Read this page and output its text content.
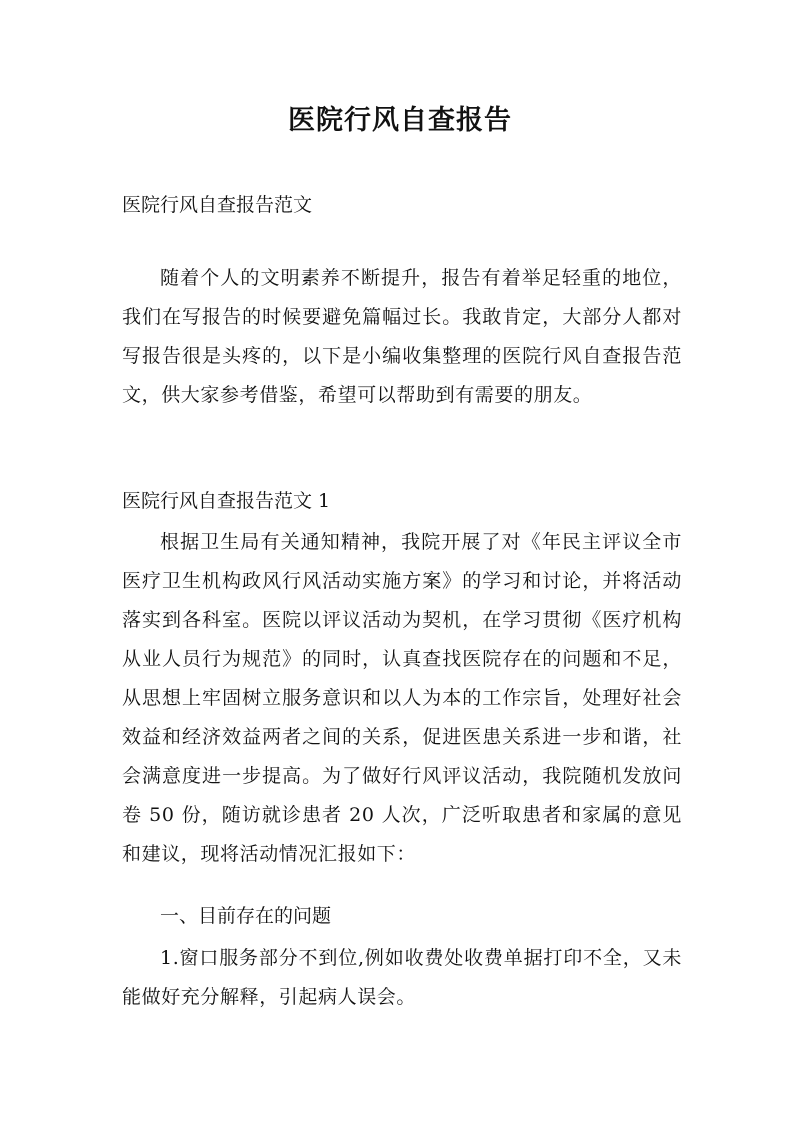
医院行风自查报告

医院行风自查报告范文

随着个人的文明素养不断提升，报告有着举足轻重的地位，我们在写报告的时候要避免篇幅过长。我敢肯定，大部分人都对写报告很是头疼的，以下是小编收集整理的医院行风自查报告范文，供大家参考借鉴，希望可以帮助到有需要的朋友。

医院行风自查报告范文 1

根据卫生局有关通知精神，我院开展了对《年民主评议全市医疗卫生机构政风行风活动实施方案》的学习和讨论，并将活动落实到各科室。医院以评议活动为契机，在学习贯彻《医疗机构从业人员行为规范》的同时，认真查找医院存在的问题和不足，从思想上牢固树立服务意识和以人为本的工作宗旨，处理好社会效益和经济效益两者之间的关系，促进医患关系进一步和谐，社会满意度进一步提高。为了做好行风评议活动，我院随机发放问卷 50 份，随访就诊患者 20 人次，广泛听取患者和家属的意见和建议，现将活动情况汇报如下：

一、目前存在的问题

1.窗口服务部分不到位,例如收费处收费单据打印不全，又未能做好充分解释，引起病人误会。
